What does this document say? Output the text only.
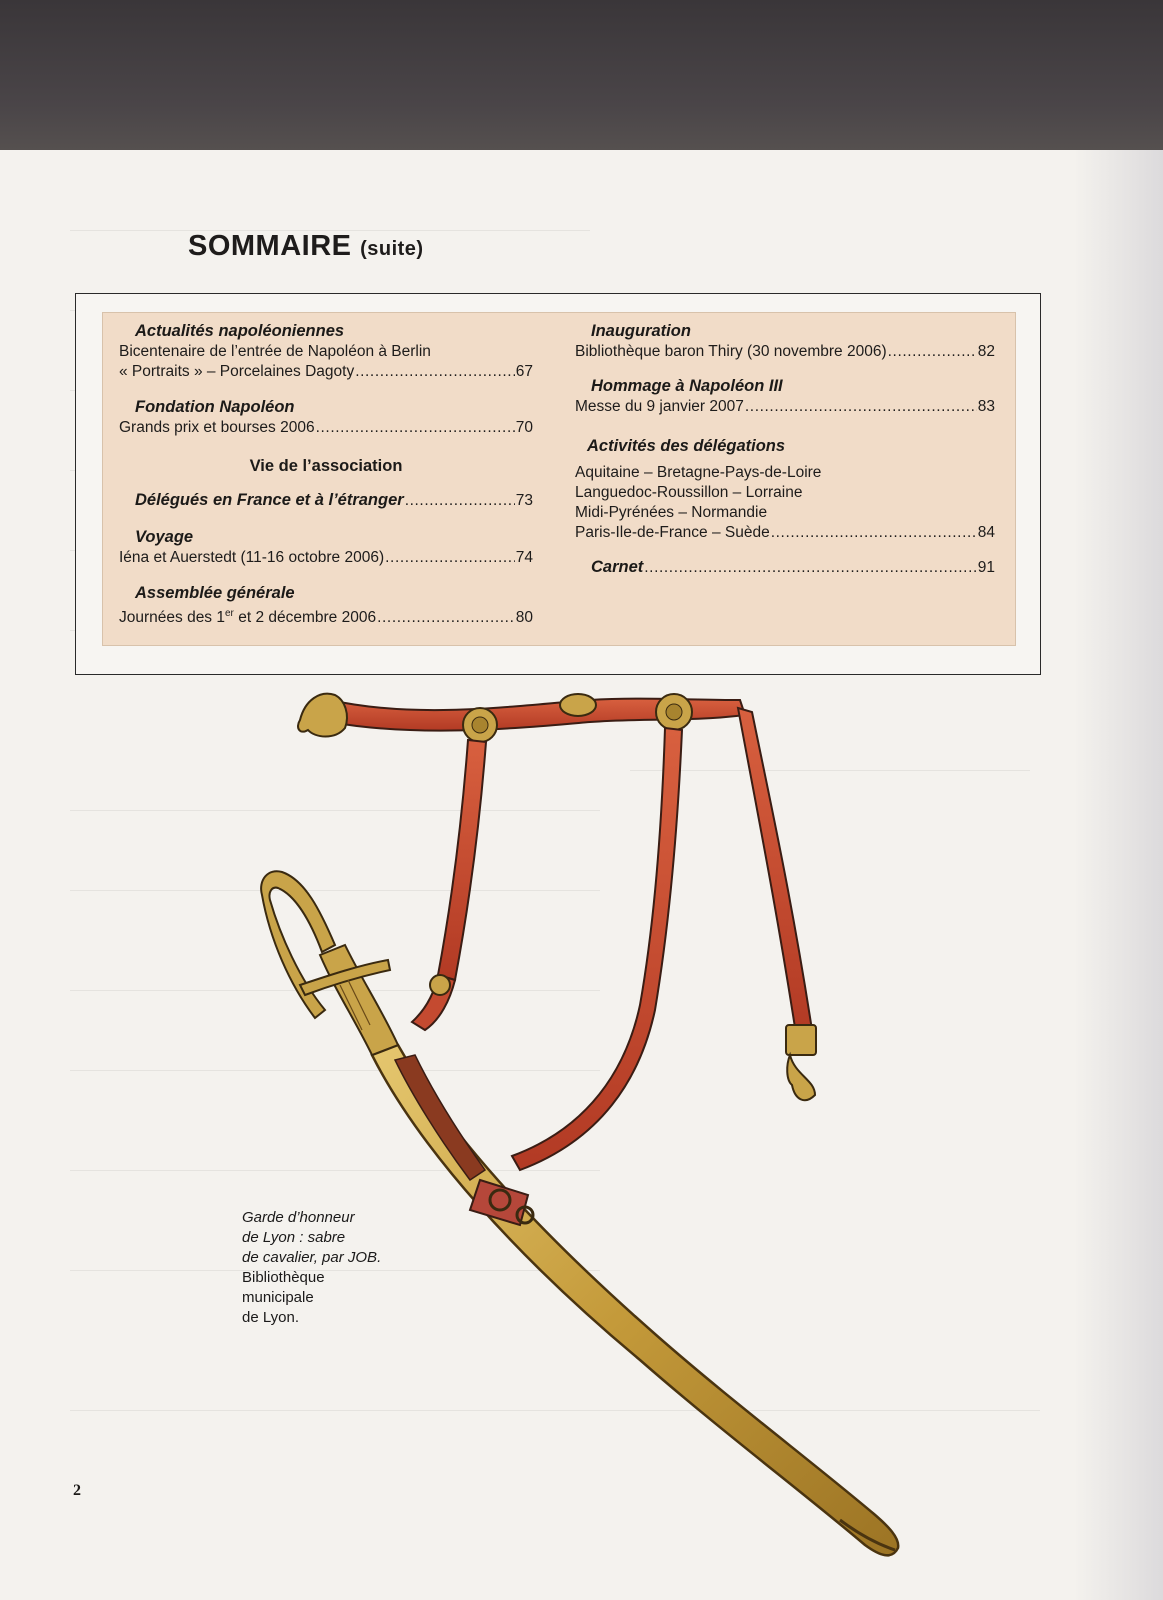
SOMMAIRE (suite)
Actualités napoléoniennes
Bicentenaire de l’entrée de Napoléon à Berlin
« Portraits » – Porcelaines Dagoty .....	67
Fondation Napoléon
Grands prix et bourses 2006 .....	70
Vie de l’association
Délégués en France et à l’étranger .....	73
Voyage
Iéna et Auerstedt (11-16 octobre 2006) .....	74
Assemblée générale
Journées des 1er et 2 décembre 2006 .....	80
Inauguration
Bibliothèque baron Thiry (30 novembre 2006) .....	82
Hommage à Napoléon III
Messe du 9 janvier 2007 .....	83
Activités des délégations
Aquitaine – Bretagne-Pays-de-Loire
Languedoc-Roussillon – Lorraine
Midi-Pyrénées – Normandie
Paris-Ile-de-France – Suède .....	84
Carnet .....	91
Garde d’honneur
de Lyon : sabre
de cavalier, par JOB.
Bibliothèque
municipale
de Lyon.
2
